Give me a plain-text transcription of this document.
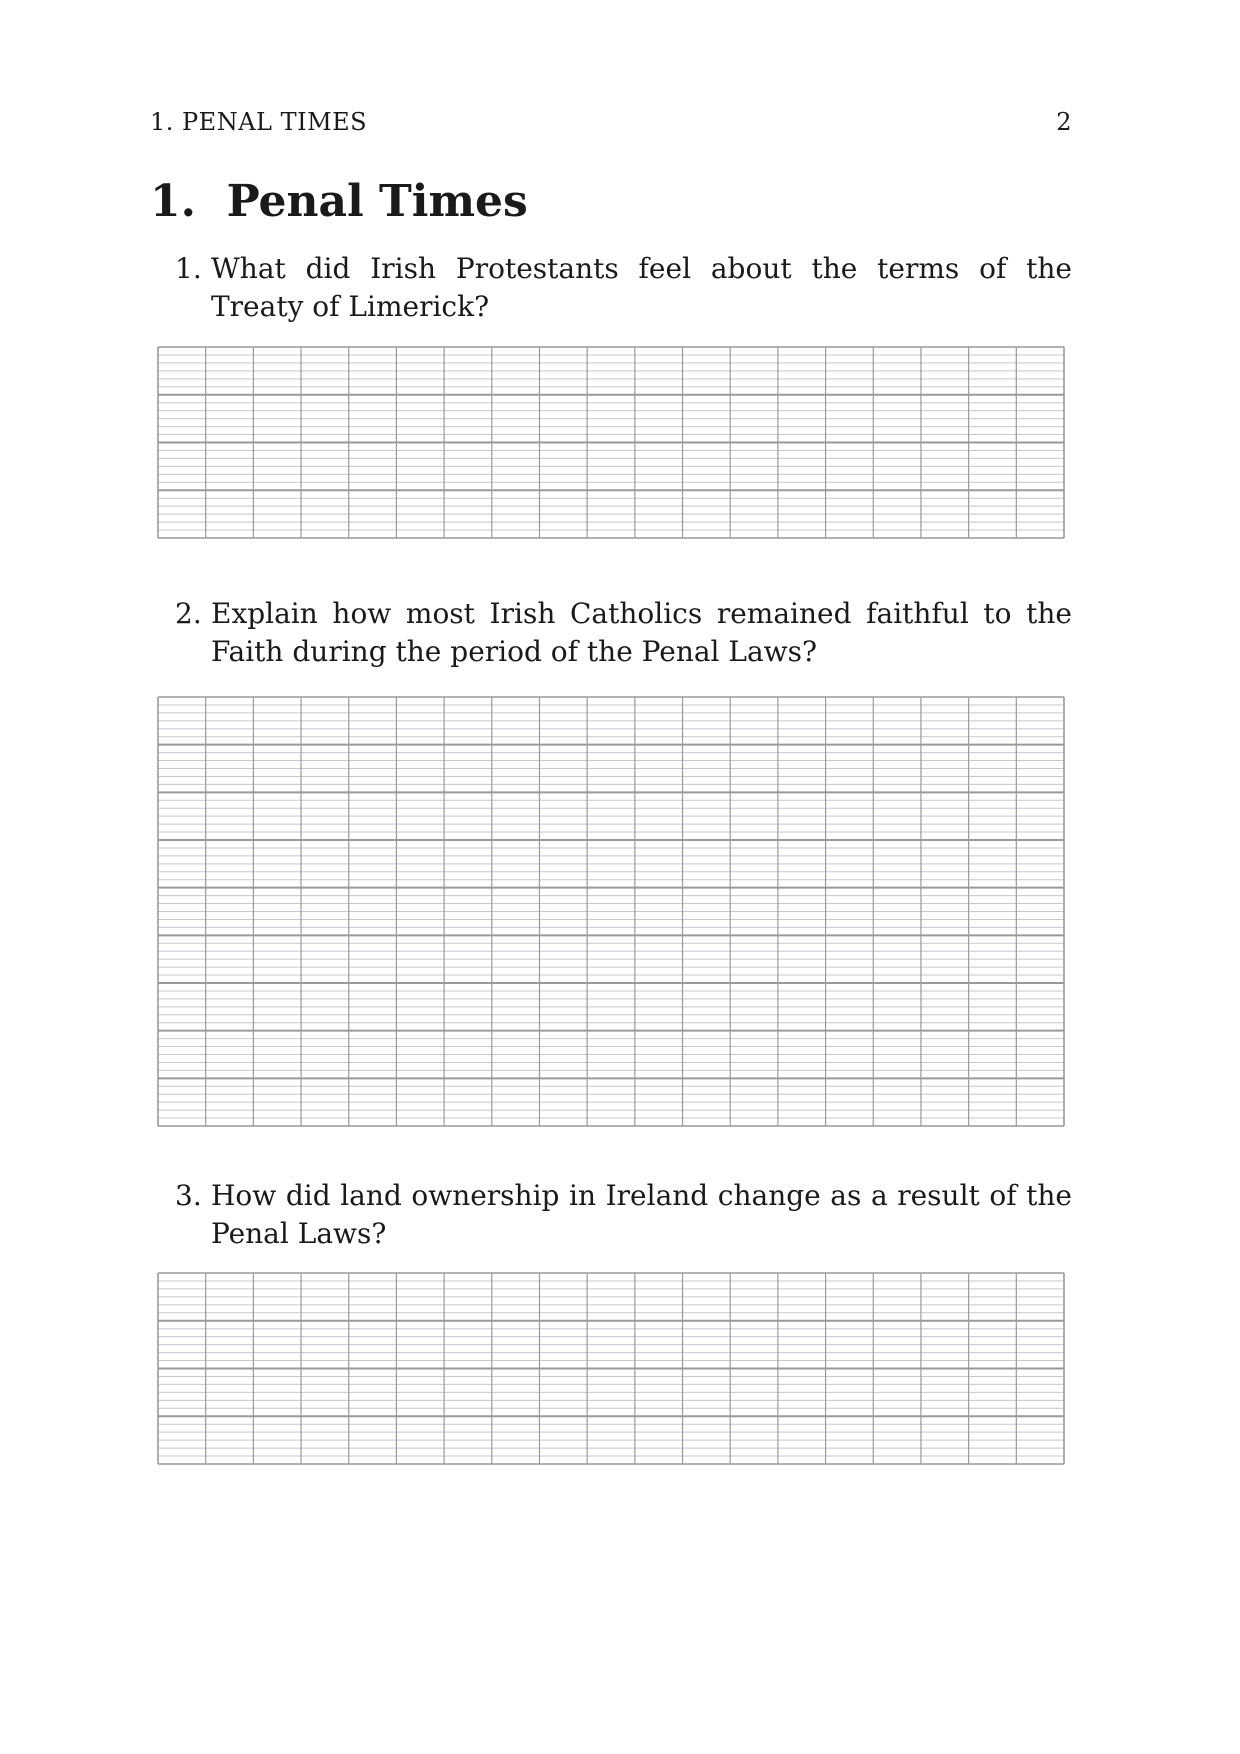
1. PENAL TIMES	2
1. Penal Times
1. What did Irish Protestants feel about the terms of the Treaty of Limerick?
2. Explain how most Irish Catholics remained faithful to the Faith during the period of the Penal Laws?
3. How did land ownership in Ireland change as a result of the Penal Laws?
